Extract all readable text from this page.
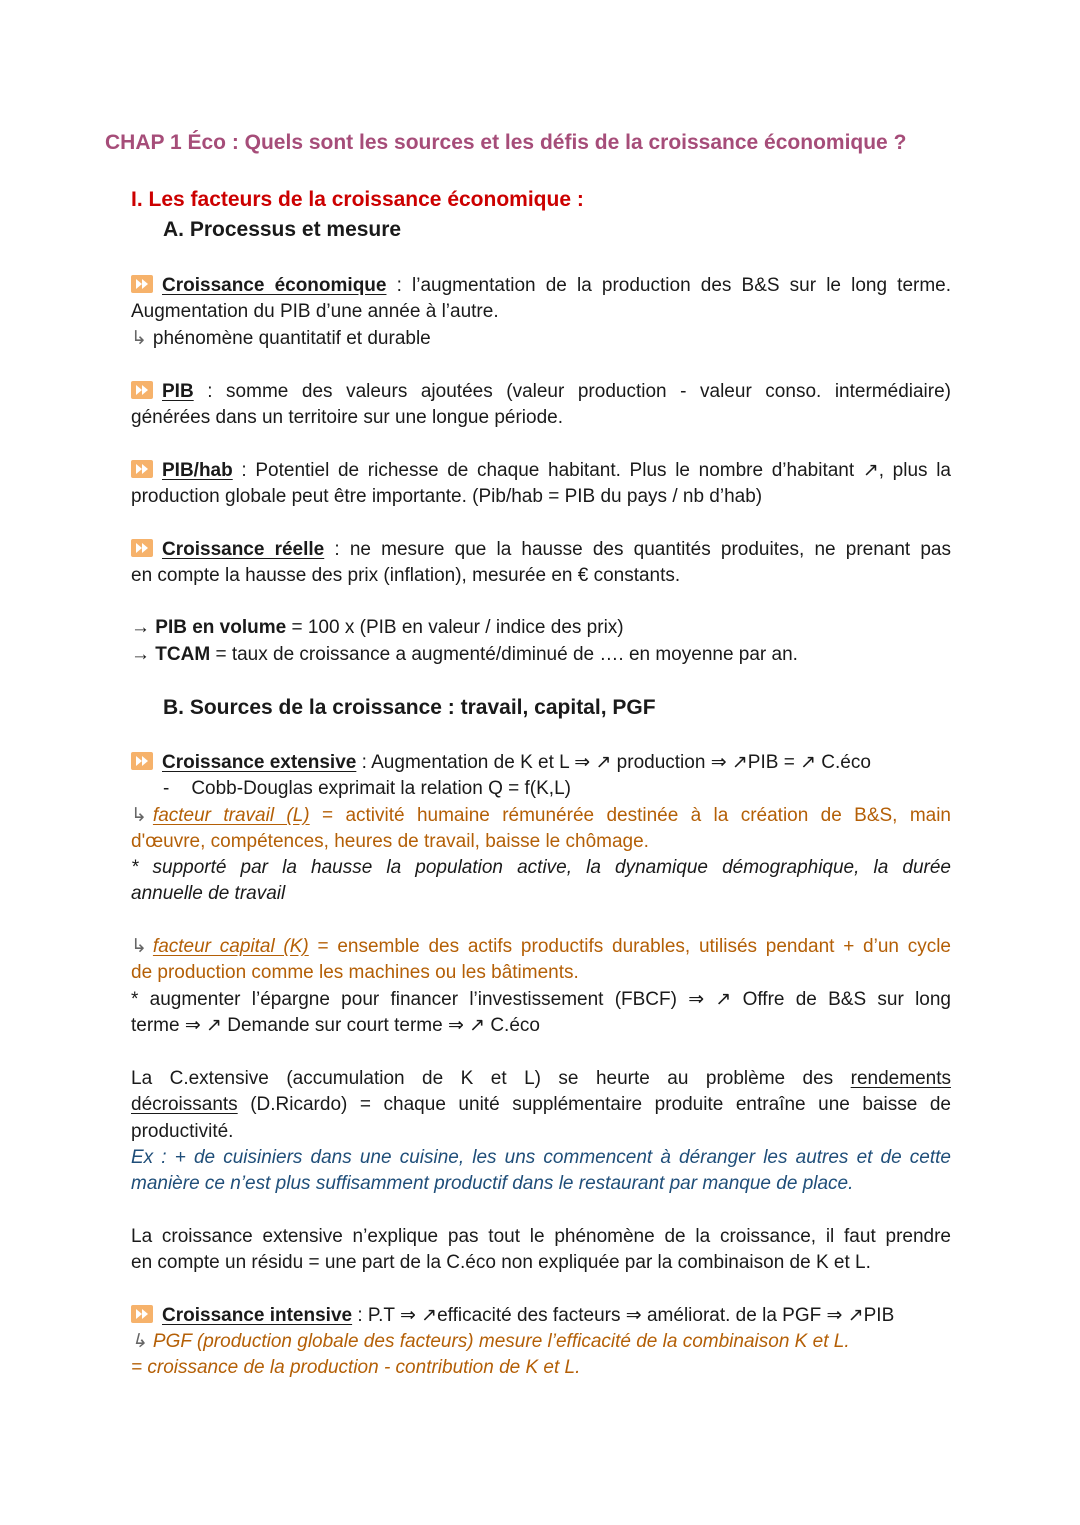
CHAP 1 Éco : Quels sont les sources et les défis de la croissance économique ?
I. Les facteurs de la croissance économique :
A. Processus et mesure
Croissance économique : l’augmentation de la production des B&S sur le long terme.
Augmentation du PIB d’une année à l’autre.
↳ phénomène quantitatif et durable
PIB : somme des valeurs ajoutées (valeur production - valeur conso. intermédiaire)
générées dans un territoire sur une longue période.
PIB/hab : Potentiel de richesse de chaque habitant. Plus le nombre d’habitant ↗, plus la
production globale peut être importante. (Pib/hab = PIB du pays / nb d’hab)
Croissance réelle : ne mesure que la hausse des quantités produites, ne prenant pas
en compte la hausse des prix (inflation), mesurée en € constants.
→ PIB en volume = 100 x (PIB en valeur / indice des prix)
→ TCAM = taux de croissance a augmenté/diminué de …. en moyenne par an.
B. Sources de la croissance : travail, capital, PGF
Croissance extensive : Augmentation de K et L ⇒ ↗ production ⇒ ↗PIB = ↗ C.éco
- Cobb-Douglas exprimait la relation Q = f(K,L)
↳ facteur travail (L) = activité humaine rémunérée destinée à la création de B&S, main
d'œuvre, compétences, heures de travail, baisse le chômage.
* supporté par la hausse la population active, la dynamique démographique, la durée
annuelle de travail
↳ facteur capital (K) = ensemble des actifs productifs durables, utilisés pendant + d’un cycle
de production comme les machines ou les bâtiments.
* augmenter l’épargne pour financer l’investissement (FBCF) ⇒ ↗ Offre de B&S sur long
terme ⇒ ↗ Demande sur court terme ⇒ ↗ C.éco
La C.extensive (accumulation de K et L) se heurte au problème des rendements
décroissants (D.Ricardo) = chaque unité supplémentaire produite entraîne une baisse de
productivité.
Ex : + de cuisiniers dans une cuisine, les uns commencent à déranger les autres et de cette
manière ce n’est plus suffisamment productif dans le restaurant par manque de place.
La croissance extensive n’explique pas tout le phénomène de la croissance, il faut prendre
en compte un résidu = une part de la C.éco non expliquée par la combinaison de K et L.
Croissance intensive : P.T ⇒ ↗efficacité des facteurs ⇒ améliorat. de la PGF ⇒ ↗PIB
↳ PGF (production globale des facteurs) mesure l’efficacité de la combinaison K et L.
= croissance de la production - contribution de K et L.
